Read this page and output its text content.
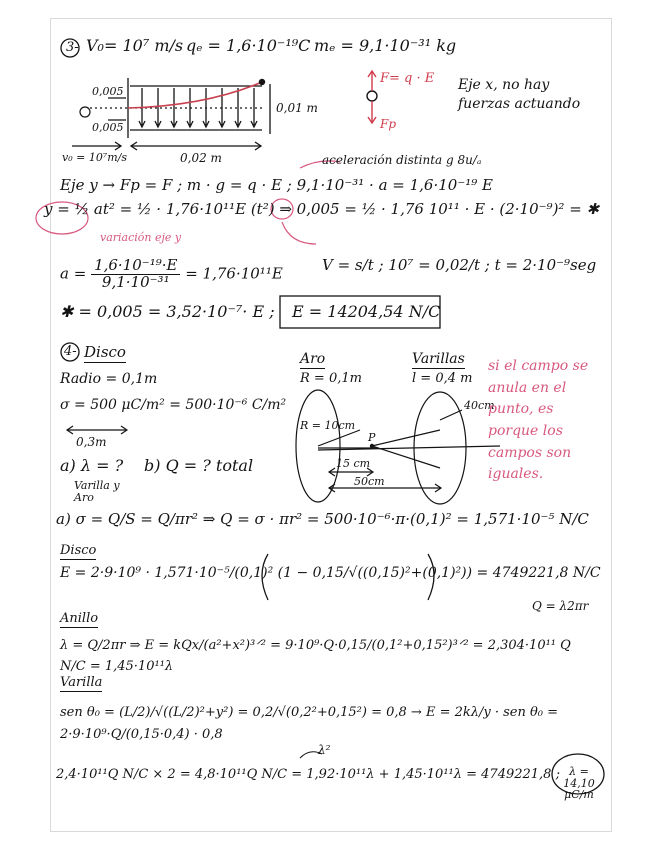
3- V₀= 10⁷ m/s qₑ = 1,6·10⁻¹⁹C mₑ = 9,1·10⁻³¹ kg
0,005
0,005
0,01 m
v₀ = 10⁷m/s	0,02 m
F= q · E
Fp
Eje x, no hay fuerzas actuando
aceleración distinta g 8u/ₐ
Eje y → Fp = F ; m · g = q · E ; 9,1·10⁻³¹ · a = 1,6·10⁻¹⁹ E
y = ½ at² = ½ · 1,76·10¹¹E (t²) ⇒ 0,005 = ½ · 1,76 10¹¹ · E · (2·10⁻⁹)² = ✱
variación eje y
$a = \frac{\text{1,6·10⁻¹⁹·E}}{\text{9,1·10⁻³¹}} = 1,76\cdot 10^{11}E$	V = s/t ; 10⁷ = 0,02/t ; t = 2·10⁻⁹seg
✱ = 0,005 = 3,52·10⁻⁷· E ; E = 14204,54 N/C
4- Disco
Radio = 0,1m
σ = 500 μC/m² = 500·10⁻⁶ C/m²
0,3m
a) λ = ?
Varilla y Aro
b) Q = ? total
Aro
R = 0,1m
Varillas
l = 0,4 m
R = 10cm
P
15 cm
50cm
40cm
si el campo se anula en el punto, es porque los campos son iguales.
a) σ = Q/S = Q/πr² ⇒ Q = σ · πr² = 500·10⁻⁶·π·(0,1)² = 1,571·10⁻⁵ N/C
Disco
E = 2·9·10⁹ · 1,571·10⁻⁵/(0,1)² (1 − 0,15/√((0,15)²+(0,1)²)) = 4749221,8 N/C
Q = λ2πr
Anillo
λ = Q/2πr ⇒ E = kQx/(a²+x²)³ᐟ² = 9·10⁹·Q·0,15/(0,1²+0,15²)³ᐟ² = 2,304·10¹¹ Q N/C = 1,45·10¹¹λ
Varilla
sen θ₀ = (L/2)/√((L/2)²+y²) = 0,2/√(0,2²+0,15²) = 0,8 → E = 2kλ/y · sen θ₀ = 2·9·10⁹·Q/(0,15·0,4) · 0,8
λ²
2,4·10¹¹Q N/C × 2 = 4,8·10¹¹Q N/C = 1,92·10¹¹λ + 1,45·10¹¹λ = 4749221,8 ; λ = 14,10 μC/m
